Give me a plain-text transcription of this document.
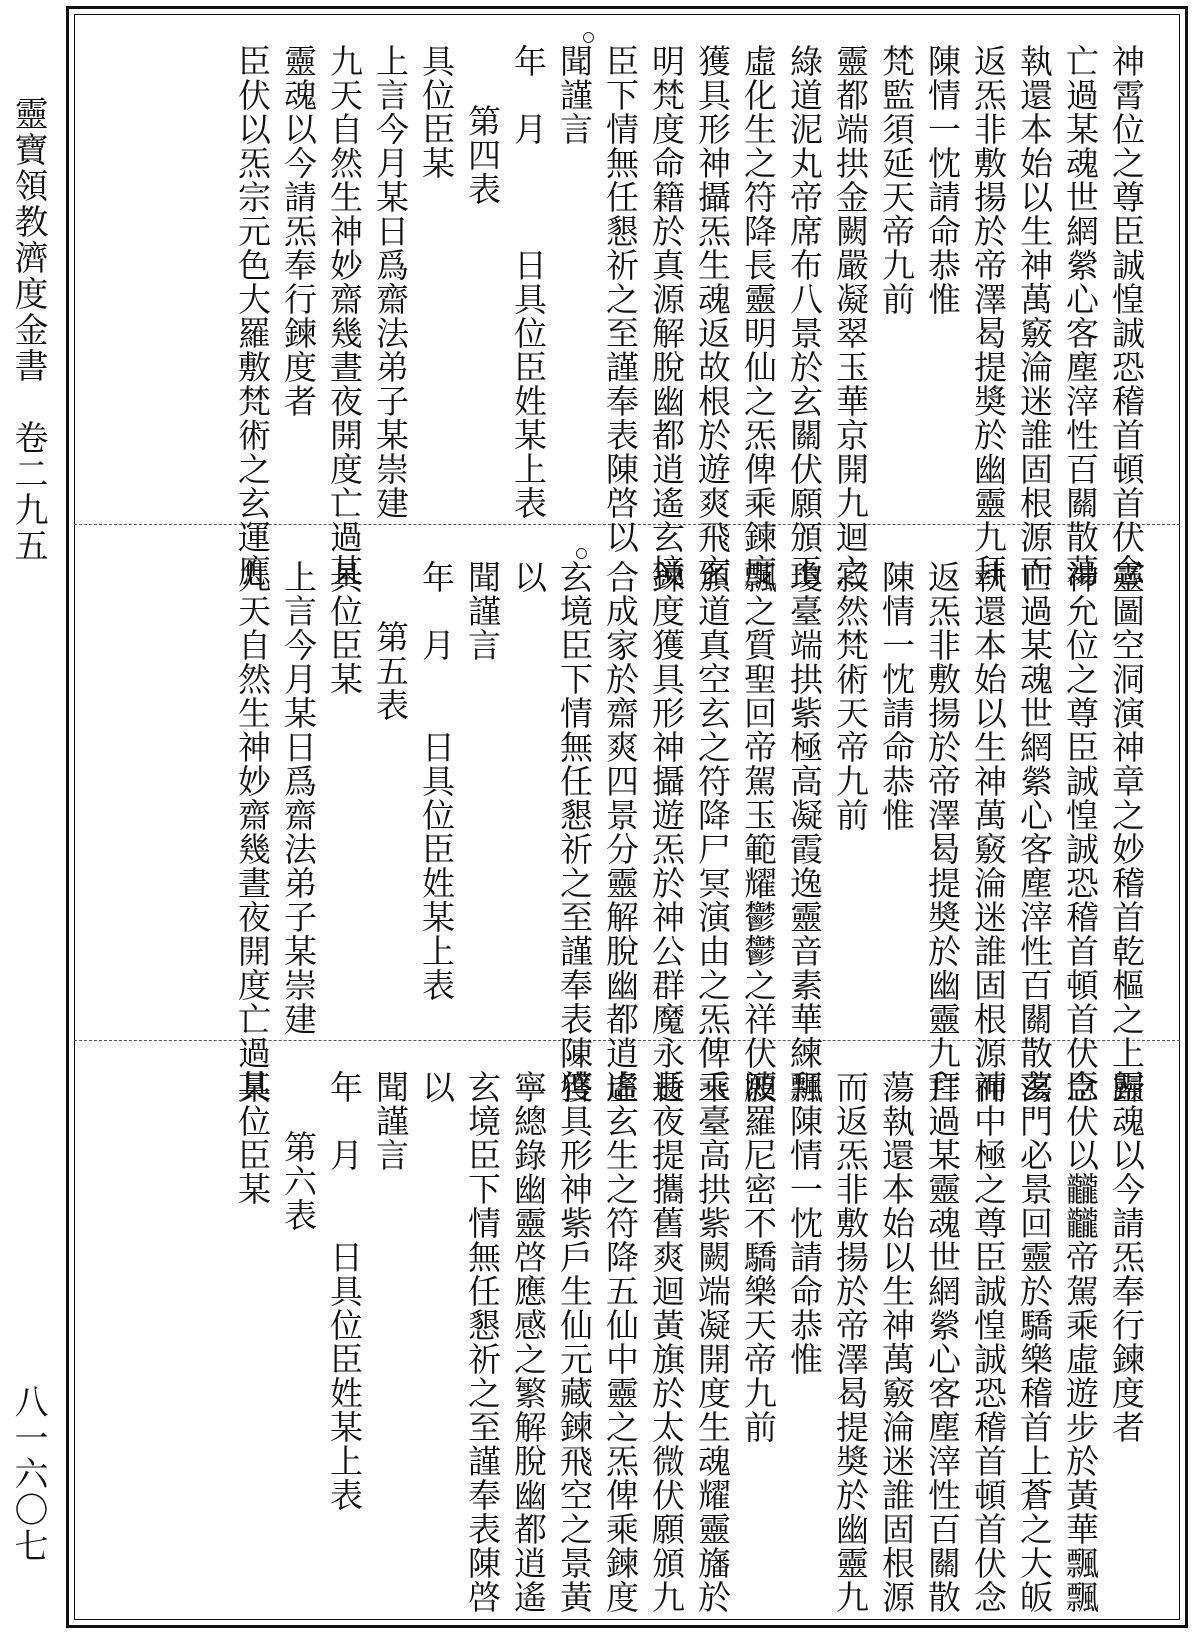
靈寶領教濟度金書　卷二九五
八一六〇七
神霄位之尊臣誠惶誠恐稽首頓首伏念
亡過某魂世網縈心客塵滓性百關散蕩
執還本始以生神萬竅淪迷誰固根源而
返炁非敷揚於帝澤曷提奬於幽靈九拜
陳情一忱請命恭惟
梵監須延天帝九前
靈都端拱金闕嚴凝翠玉華京開九迴之
綠道泥丸帝席布八景於玄關伏願頒玉
虛化生之符降長靈明仙之炁俾乘鍊度
獲具形神攝炁生魂返故根於遊爽飛玄
明梵度命籍於真源解脫幽都逍遙玄境
臣下情無任懇祈之至謹奉表陳啓以
聞謹言
年　月　　　日具位臣姓某上表
第四表
具位臣某
上言今月某日爲齋法弟子某崇建
九天自然生神妙齋幾晝夜開度亡過某
靈魂以今請炁奉行鍊度者
臣伏以炁宗元色大羅敷梵術之玄運應
靈圖空洞演神章之妙稽首乾樞之上歸
神允位之尊臣誠惶誠恐稽首頓首伏念
亡過某魂世網縈心客塵滓性百關散蕩
執還本始以生神萬竅淪迷誰固根源而
返炁非敷揚於帝澤曷提奬於幽靈九拜
陳情一忱請命恭惟
寂然梵術天帝九前
瓊臺端拱紫極高凝霞逸靈音素華練飄
飄之質聖回帝駕玉範耀鬱鬱之祥伏願
頒道真空玄之符降尸冥演由之炁俾乘
鍊度獲具形神攝遊炁於神公群魔永逝
合成家於齋爽四景分靈解脫幽都逍遙
玄境臣下情無任懇祈之至謹奉表陳啓
以
聞謹言
年　月　　日具位臣姓某上表
第五表
具位臣某
上言今月某日爲齋法弟子某崇建
九天自然生神妙齋幾晝夜開度亡過某
靈魂以今請炁奉行鍊度者
臣伏以龖龖帝駕乘虛遊步於黃華飄飄
玄門必景回靈於驕樂稽首上蒼之大皈
神中極之尊臣誠惶誠恐稽首頓首伏念
亡過某靈魂世網縈心客塵滓性百關散
蕩執還本始以生神萬竅淪迷誰固根源
而返炁非敷揚於帝澤曷提奬於幽靈九
拜陳情一忱請命恭惟
波羅尼密不驕樂天帝九前
玉臺高拱紫闕端凝開度生魂耀靈旛於
長夜提攜舊爽迴黃旗於太微伏願頒九
虛玄生之符降五仙中靈之炁俾乘鍊度
獲具形神紫戶生仙元藏鍊飛空之景黃
寧總錄幽靈啓應感之繁解脫幽都逍遙
玄境臣下情無任懇祈之至謹奉表陳啓
以
聞謹言
年　月　　日具位臣姓某上表
第六表
具位臣某
